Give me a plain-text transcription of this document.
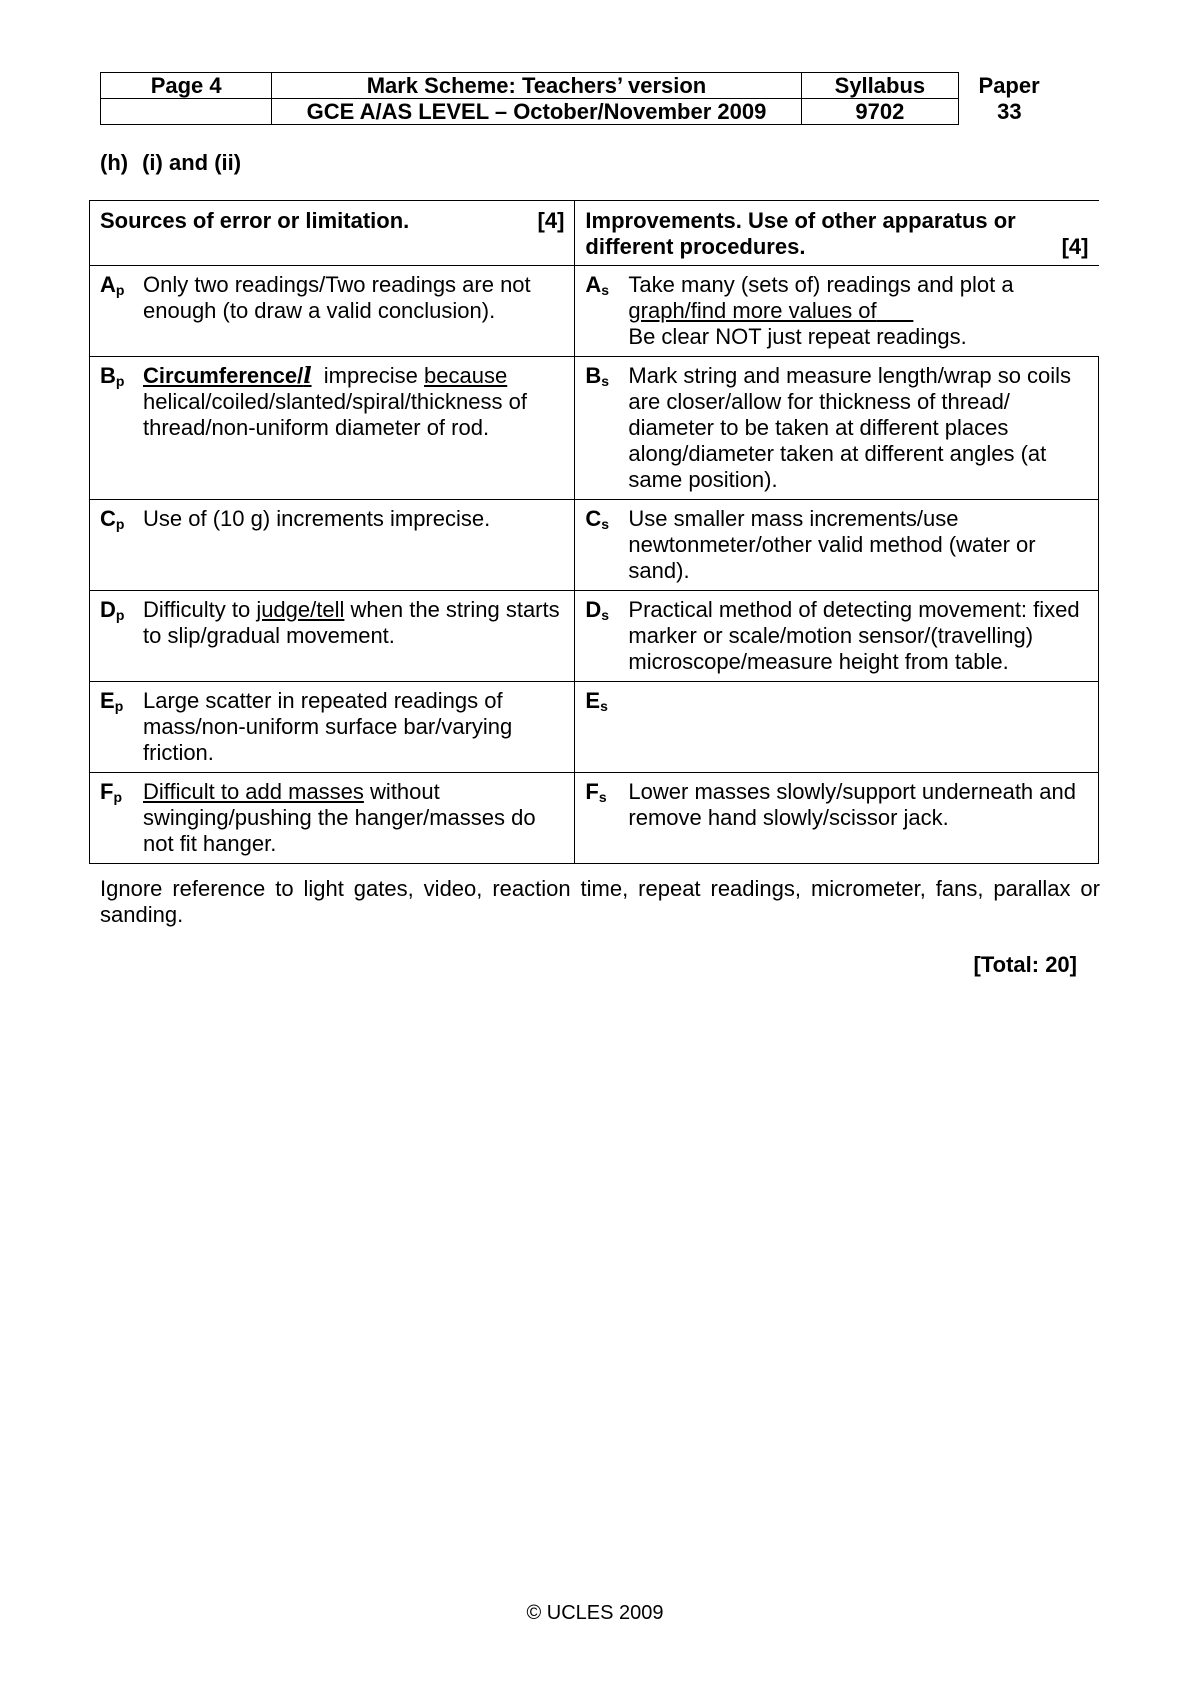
Page 4	Mark Scheme: Teachers’ version	Syllabus	Paper
	GCE A/AS LEVEL – October/November 2009	9702	33
(h) (i) and (ii)
Sources of error or limitation. [4]	Improvements. Use of other apparatus or different procedures. [4]

$A_p$ Only two readings/Two readings are not enough (to draw a valid conclusion).	$A_s$ Take many (sets of) readings and plot a
graph/find more values of
Be clear NOT just repeat readings.

$B_p$ Circumference/l imprecise because helical/coiled/slanted/spiral/thickness of thread/non-uniform diameter of rod.	$B_s$ Mark string and measure length/wrap so coils are closer/allow for thickness of thread/ diameter to be taken at different places along/diameter taken at different angles (at same position).

$C_p$ Use of (10 g) increments imprecise.	$C_s$ Use smaller mass increments/use newtonmeter/other valid method (water or sand).

$D_p$ Difficulty to judge/tell when the string starts to slip/gradual movement.	$D_s$ Practical method of detecting movement: fixed marker or scale/motion sensor/(travelling) microscope/measure height from table.

$E_p$ Large scatter in repeated readings of mass/non-uniform surface bar/varying friction.	$E_s$

$F_p$ Difficult to add masses without swinging/pushing the hanger/masses do not fit hanger.	$F_s$ Lower masses slowly/support underneath and remove hand slowly/scissor jack.
Ignore reference to light gates, video, reaction time, repeat readings, micrometer, fans, parallax or sanding.
[Total: 20]
© UCLES 2009
